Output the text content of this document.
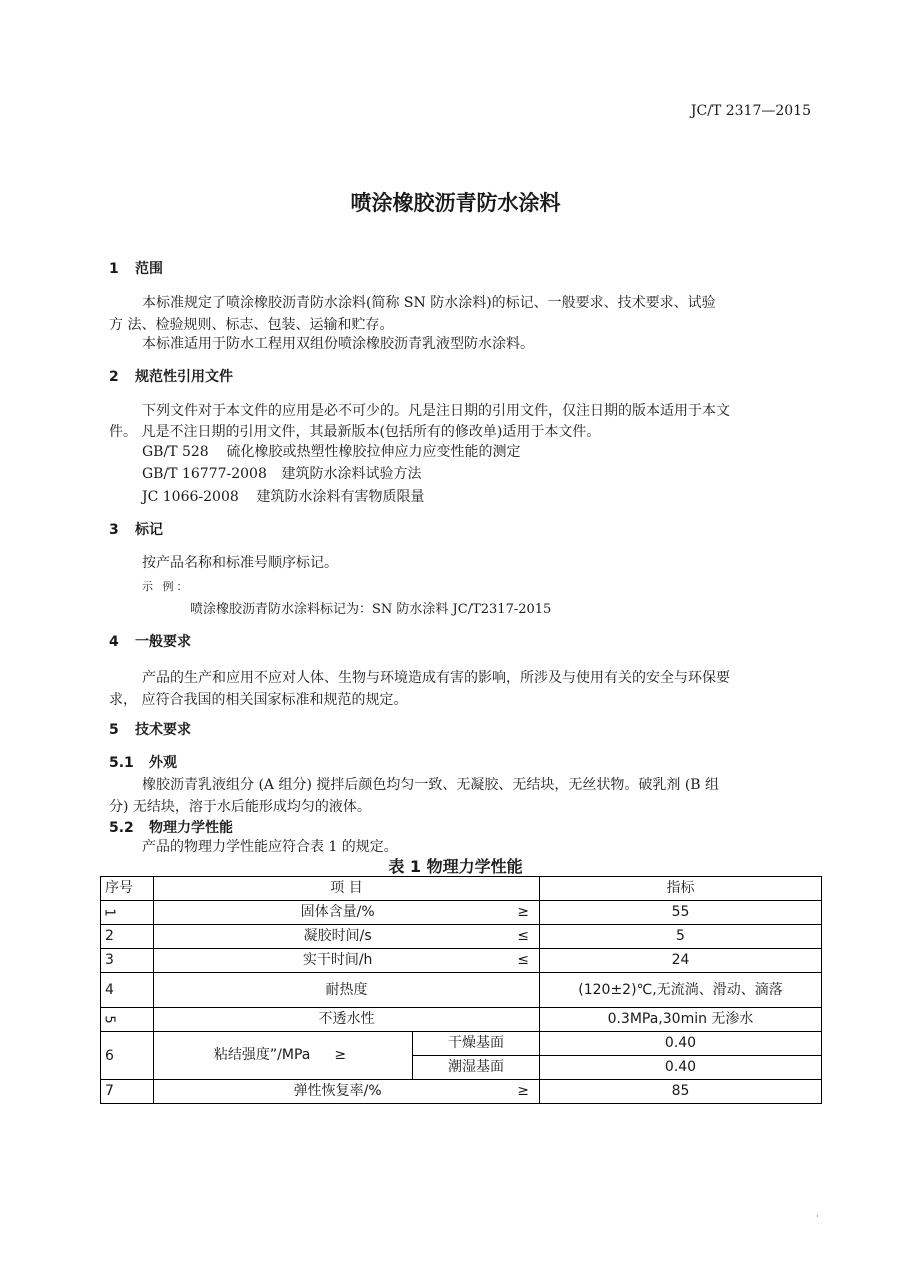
JC/T 2317—2015
喷涂橡胶沥青防水涂料
1 范围
本标准规定了喷涂橡胶沥青防水涂料(简称 SN 防水涂料)的标记、一般要求、技术要求、试验
方 法、检验规则、标志、包装、运输和贮存。
本标准适用于防水工程用双组份喷涂橡胶沥青乳液型防水涂料。
2 规范性引用文件
下列文件对于本文件的应用是必不可少的。凡是注日期的引用文件，仅注日期的版本适用于本文
件。 凡是不注日期的引用文件，其最新版本(包括所有的修改单)适用于本文件。
GB/T 528 硫化橡胶或热塑性橡胶拉伸应力应变性能的测定
GB/T 16777-2008 建筑防水涂料试验方法
JC 1066-2008 建筑防水涂料有害物质限量
3 标记
按产品名称和标准号顺序标记。
示 例：
喷涂橡胶沥青防水涂料标记为：SN 防水涂料 JC/T2317-2015
4 一般要求
产品的生产和应用不应对人体、生物与环境造成有害的影响，所涉及与使用有关的安全与环保要
求， 应符合我国的相关国家标准和规范的规定。
5 技术要求
5.1 外观
橡胶沥青乳液组分 (A 组分) 搅拌后颜色均匀一致、无凝胶、无结块，无丝状物。破乳剂 (B 组
分) 无结块，溶于水后能形成均匀的液体。
5.2 物理力学性能
产品的物理力学性能应符合表 1 的规定。
表 1 物理力学性能
序号	项 目		指标
1	固体含量/% ≥		55
2	凝胶时间/s ≤		5
3	实干时间/h ≤		24
4	耐热度		(120±2)℃,无流淌、滑动、滴落
5	不透水性		0.3MPa,30min 无渗水
6	粘结强度”/MPa ≥	干燥基面	0.40
		潮湿基面	0.40
7	弹性恢复率/% ≥		85
·
